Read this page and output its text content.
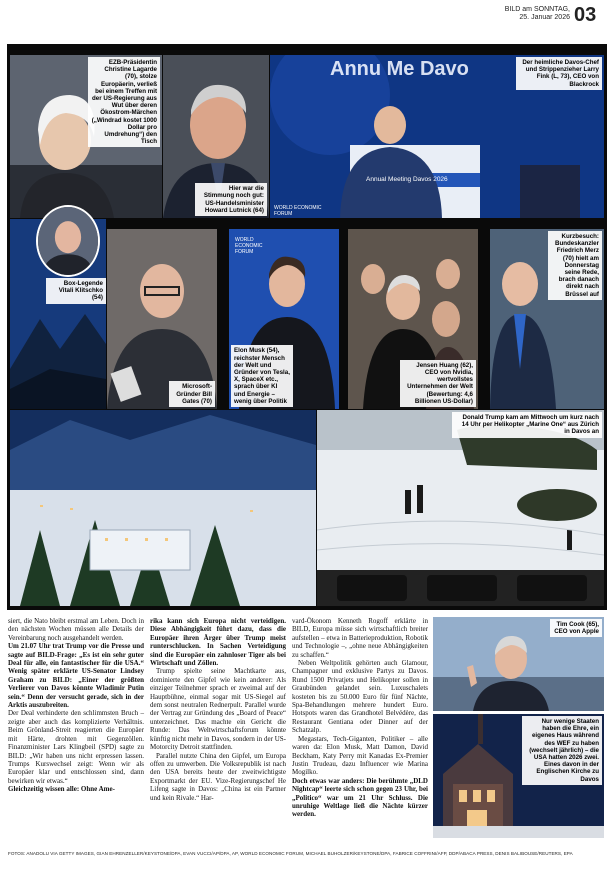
BILD am SONNTAG,
25. Januar 2026 03
EZB-Präsidentin Christine Lagarde (70), stolze Europäerin, verließ bei einem Treffen mit der US-Regierung aus Wut über deren Ökostrom-Märchen („Windrad kostet 1000 Dollar pro Umdrehung“) den Tisch
Hier war die Stimmung noch gut: US-Handelsminister Howard Lutnick (64)
Annu Me Davo
Annual Meeting Davos 2026
WORLD ECONOMIC FORUM
Der heimliche Davos-Chef und Strippenzieher Larry Fink (L, 73), CEO von Blackrock
Box-Legende Vitali Klitschko (54)
Microsoft-Gründer Bill Gates (70)
WORLD ECONOMIC FORUM
Elon Musk (54), reichster Mensch der Welt und Gründer von Tesla, X, SpaceX etc., sprach über KI und Energie – wenig über Politik
Jensen Huang (62), CEO von Nvidia, wertvollstes Unternehmen der Welt (Bewertung: 4,6 Billionen US-Dollar)
Kurzbesuch: Bundeskanzler Friedrich Merz (70) hielt am Donnerstag seine Rede, brach danach direkt nach Brüssel auf
Donald Trump kam am Mittwoch um kurz nach 14 Uhr per Helikopter „Marine One“ aus Zürich in Davos an

siert, die Nato bleibt erstmal am Leben. Doch in den nächsten Wochen müssen alle Details der Vereinbarung noch ausgehandelt werden.

Um 21.07 Uhr trat Trump vor die Presse und sagte auf BILD-Frage: „Es ist ein sehr guter Deal für alle, ein fantastischer für die USA.“ Wenig später erklärte US-Senator Lindsey Graham zu BILD: „Einer der größten Verlierer von Davos könnte Wladimir Putin sein.“ Denn der versucht gerade, sich in der Arktis auszubreiten.

Der Deal verhinderte den schlimmsten Bruch – zeigte aber auch das komplizierte Verhältnis. Beim Grönland-Streit reagierten die Europäer mit Härte, drohten mit Gegenzöllen. Finanzminister Lars Klingbeil (SPD) sagte zu BILD: „Wir haben uns nicht erpressen lassen. Trumps Kurswechsel zeigt: Wenn wir als Europäer klar und entschlossen sind, dann bewirken wir etwas.“

Gleichzeitig wissen alle: Ohne Ame-

rika kann sich Europa nicht verteidigen. Diese Abhängigkeit führt dazu, dass die Europäer ihren Ärger über Trump meist runterschlucken. In Sachen Verteidigung sind die Europäer ein zahnloser Tiger als bei Wirtschaft und Zöllen.

Trump spielte seine Machtkarte aus, dominierte den Gipfel wie kein anderer: Als einziger Teilnehmer sprach er zweimal auf der Hauptbühne, einmal sogar mit US-Siegel auf dem sonst neutralen Rednerpult. Parallel wurde der Vertrag zur Gründung des „Board of Peace“ unterzeichnet. Das machte ein Gericht die Runde: Das Weltwirtschaftsforum könnte künftig nicht mehr in Davos, sondern in der US-Motorcity Detroit stattfinden.

Parallel nutzte China den Gipfel, um Europa offen zu umwerben. Die Volksrepublik ist nach den USA bereits heute der zweitwichtigste Exportmarkt der EU. Vize-Regierungschef He Lifeng sagte in Davos: „China ist ein Partner und kein Rivale.“ Har-

vard-Ökonom Kenneth Rogoff erklärte in BILD, Europa müsse sich wirtschaftlich breiter aufstellen – etwa in Batterieproduktion, Robotik und Technologie –, „ohne neue Abhängigkeiten zu schaffen.“

Neben Weltpolitik gehörten auch Glamour, Champagner und exklusive Partys zu Davos. Rund 1500 Privatjets und Helikopter sollen in Graubünden gelandet sein. Luxuschalets kosteten bis zu 50.000 Euro für fünf Nächte, Spa-Behandlungen mehrere hundert Euro. Hotspots waren das Grandhotel Belvédère, das Restaurant Gentiana oder Dinner auf der Schatzalp.

Megastars, Tech-Giganten, Politiker – alle waren da: Elon Musk, Matt Damon, David Beckham, Katy Perry mit Kanadas Ex-Premier Justin Trudeau, dazu Influencer wie Marina Mogilko.

Doch etwas war anders: Die berühmte „DLD Nightcap“ leerte sich schon gegen 23 Uhr, bei „Politico“ war um 21 Uhr Schluss. Die unruhige Weltlage ließ die Nächte kürzer werden.

Tim Cook (65), CEO von Apple
Nur wenige Staaten haben die Ehre, ein eigenes Haus während des WEF zu haben (wechselt jährlich) – die USA hatten 2026 zwei. Eines davon in der Englischen Kirche zu Davos
FOTOS: ANADOLU VIA GETTY IMAGES, GIAN EHRENZELLER/KEYSTONE/DPA, EVAN VUCCI/AP/DPA, AP, WORLD ECONOMIC FORUM, MICHAEL BUHOLZER/KEYSTONE/DPA, FABRICE COFFRINI/AFP, DDP/ABACA PRESS, DENIS BALIBOUSE/REUTERS, EPA
